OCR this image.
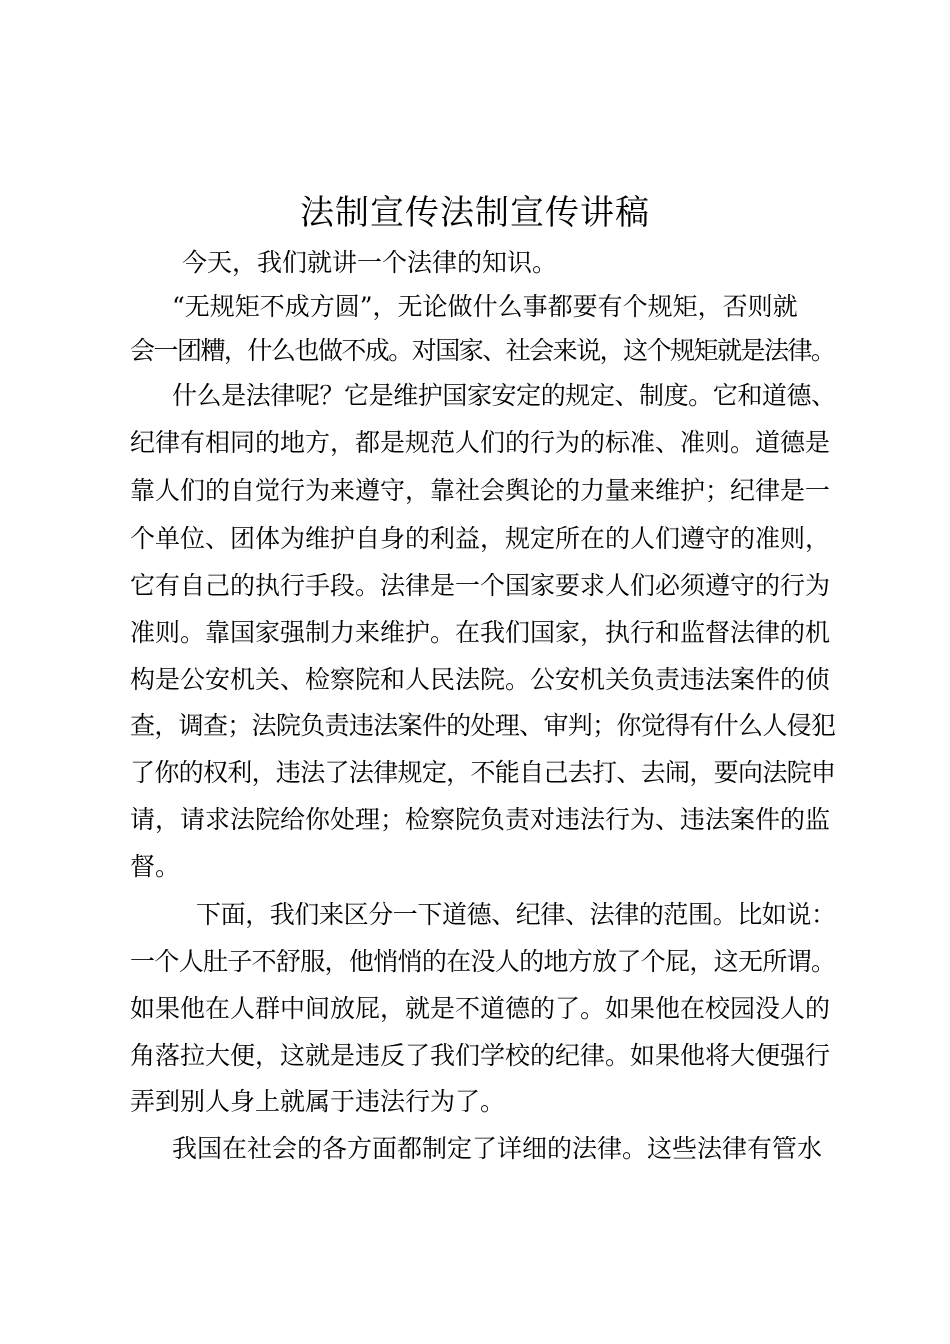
法制宣传法制宣传讲稿
今天，我们就讲一个法律的知识。
“无规矩不成方圆”，无论做什么事都要有个规矩，否则就
会一团糟，什么也做不成。对国家、社会来说，这个规矩就是法律。
什么是法律呢？它是维护国家安定的规定、制度。它和道德、
纪律有相同的地方，都是规范人们的行为的标准、准则。道德是
靠人们的自觉行为来遵守，靠社会舆论的力量来维护；纪律是一
个单位、团体为维护自身的利益，规定所在的人们遵守的准则，
它有自己的执行手段。法律是一个国家要求人们必须遵守的行为
准则。靠国家强制力来维护。在我们国家，执行和监督法律的机
构是公安机关、检察院和人民法院。公安机关负责违法案件的侦
查，调查；法院负责违法案件的处理、审判；你觉得有什么人侵犯
了你的权利，违法了法律规定，不能自己去打、去闹，要向法院申
请，请求法院给你处理；检察院负责对违法行为、违法案件的监
督。
下面，我们来区分一下道德、纪律、法律的范围。比如说：
一个人肚子不舒服，他悄悄的在没人的地方放了个屁，这无所谓。
如果他在人群中间放屁，就是不道德的了。如果他在校园没人的
角落拉大便，这就是违反了我们学校的纪律。如果他将大便强行
弄到别人身上就属于违法行为了。
我国在社会的各方面都制定了详细的法律。这些法律有管水
